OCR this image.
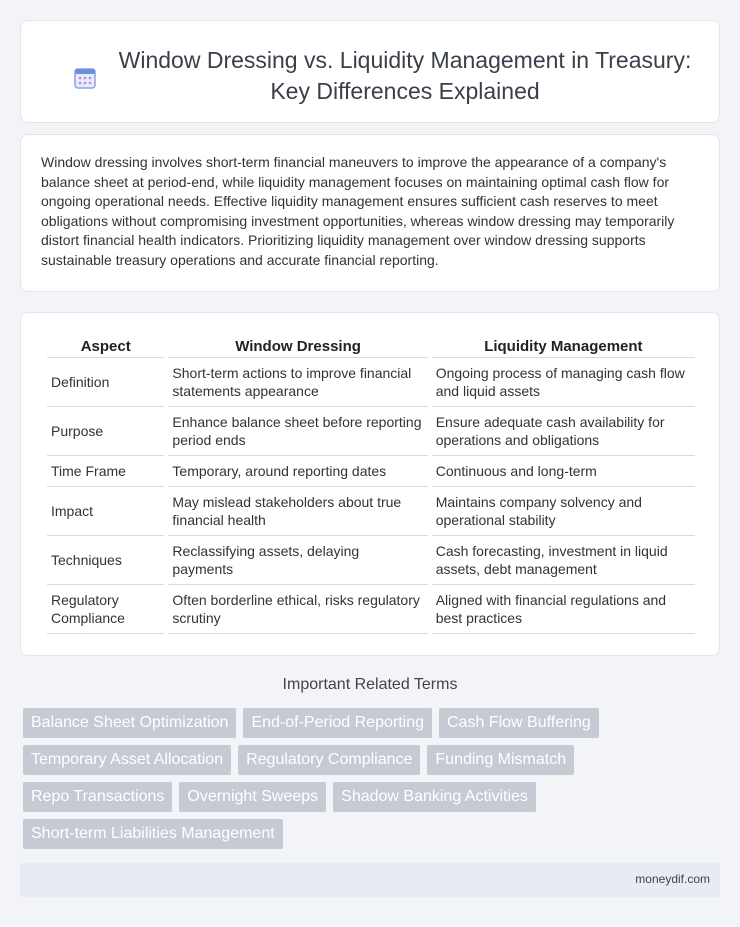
Window Dressing vs. Liquidity Management in Treasury:
Key Differences Explained

Window dressing involves short-term financial maneuvers to improve the appearance of a company's balance sheet at period-end, while liquidity management focuses on maintaining optimal cash flow for ongoing operational needs. Effective liquidity management ensures sufficient cash reserves to meet obligations without compromising investment opportunities, whereas window dressing may temporarily distort financial health indicators. Prioritizing liquidity management over window dressing supports sustainable treasury operations and accurate financial reporting.

Aspect	Window Dressing	Liquidity Management
Definition	Short-term actions to improve financial statements appearance	Ongoing process of managing cash flow and liquid assets
Purpose	Enhance balance sheet before reporting period ends	Ensure adequate cash availability for operations and obligations
Time Frame	Temporary, around reporting dates	Continuous and long-term
Impact	May mislead stakeholders about true financial health	Maintains company solvency and operational stability
Techniques	Reclassifying assets, delaying payments	Cash forecasting, investment in liquid assets, debt management
Regulatory Compliance	Often borderline ethical, risks regulatory scrutiny	Aligned with financial regulations and best practices
Important Related Terms
Balance Sheet Optimization	End-of-Period Reporting	Cash Flow Buffering
Temporary Asset Allocation	Regulatory Compliance	Funding Mismatch
Repo Transactions	Overnight Sweeps	Shadow Banking Activities
Short-term Liabilities Management
moneydif.com
